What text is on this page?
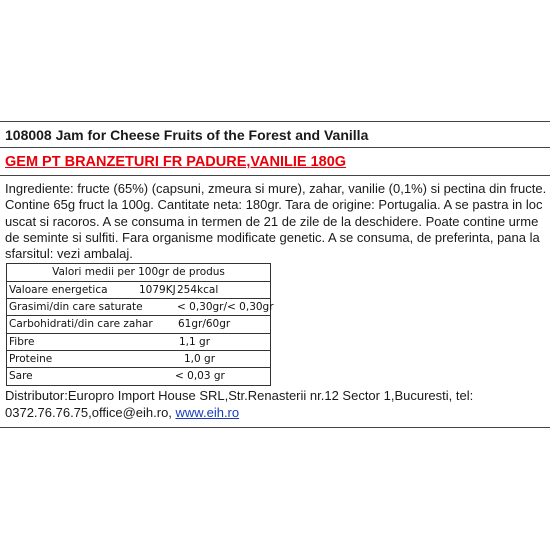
108008 Jam for Cheese Fruits of the Forest and Vanilla
GEM PT BRANZETURI FR PADURE,VANILIE 180G
Ingrediente: fructe (65%) (capsuni, zmeura si mure), zahar, vanilie (0,1%) si pectina din fructe.
Contine 65g fruct la 100g. Cantitate neta: 180gr. Tara de origine: Portugalia. A se pastra in loc
uscat si racoros. A se consuma in termen de 21 de zile de la deschidere. Poate contine urme
de seminte si sulfiti. Fara organisme modificate genetic. A se consuma, de preferinta, pana la
sfarsitul: vezi ambalaj.
Valori medii per 100gr de produs
Valoare energetica	1079KJ 254kcal
Grasimi/din care saturate	< 0,30gr/< 0,30gr
Carbohidrati/din care zahar 61gr/60gr
Fibre	1,1 gr
Proteine	1,0 gr
Sare	< 0,03 gr
Distributor:Europro Import House SRL,Str.Renasterii nr.12 Sector 1,Bucuresti, tel:
0372.76.76.75,office@eih.ro, www.eih.ro
